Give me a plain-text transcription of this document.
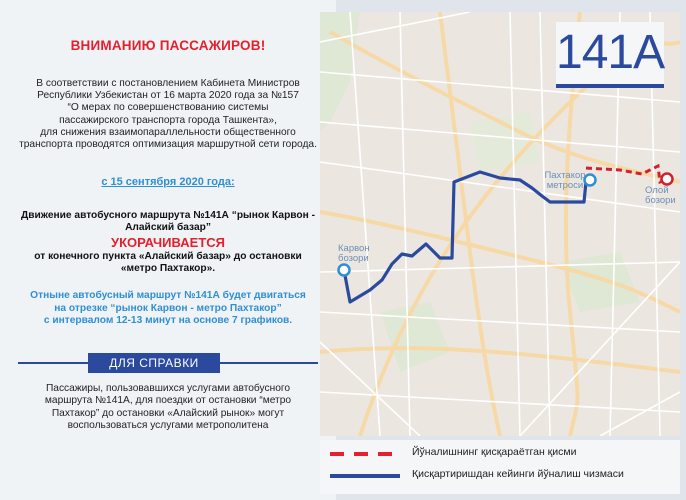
ВНИМАНИЮ ПАССАЖИРОВ!
В соответствии с постановлением Кабинета Министров
Республики Узбекистан от 16 марта 2020 года за №157
“О мерах по совершенствованию системы
пассажирского транспорта города Ташкента»,
для снижения взаимопараллельности общественного
транспорта проводятся оптимизация маршрутной сети города.
с 15 сентября 2020 года:
Движение автобусного маршрута №141А “рынок Карвон -
Алайский базар”
УКОРАЧИВАЕТСЯ
от конечного пункта «Алайский базар» до остановки
«метро Пахтакор».
Отныне автобусный маршрут №141А будет двигаться
на отрезке “рынок Карвон - метро Пахтакор”
с интервалом 12-13 минут на основе 7 графиков.
ДЛЯ СПРАВКИ
Пассажиры, пользовавшихся услугами автобусного
маршрута №141А, для поездки от остановки “метро
Пахтакор” до остановки «Алайский рынок» могут
воспользоваться услугами метрополитена
141A
Пахтакор
метроси	Олой
бозори
Карвон
бозори
Йўналишнинг қисқараётган қисми
Қисқартиришдан кейинги йўналиш чизмаси
